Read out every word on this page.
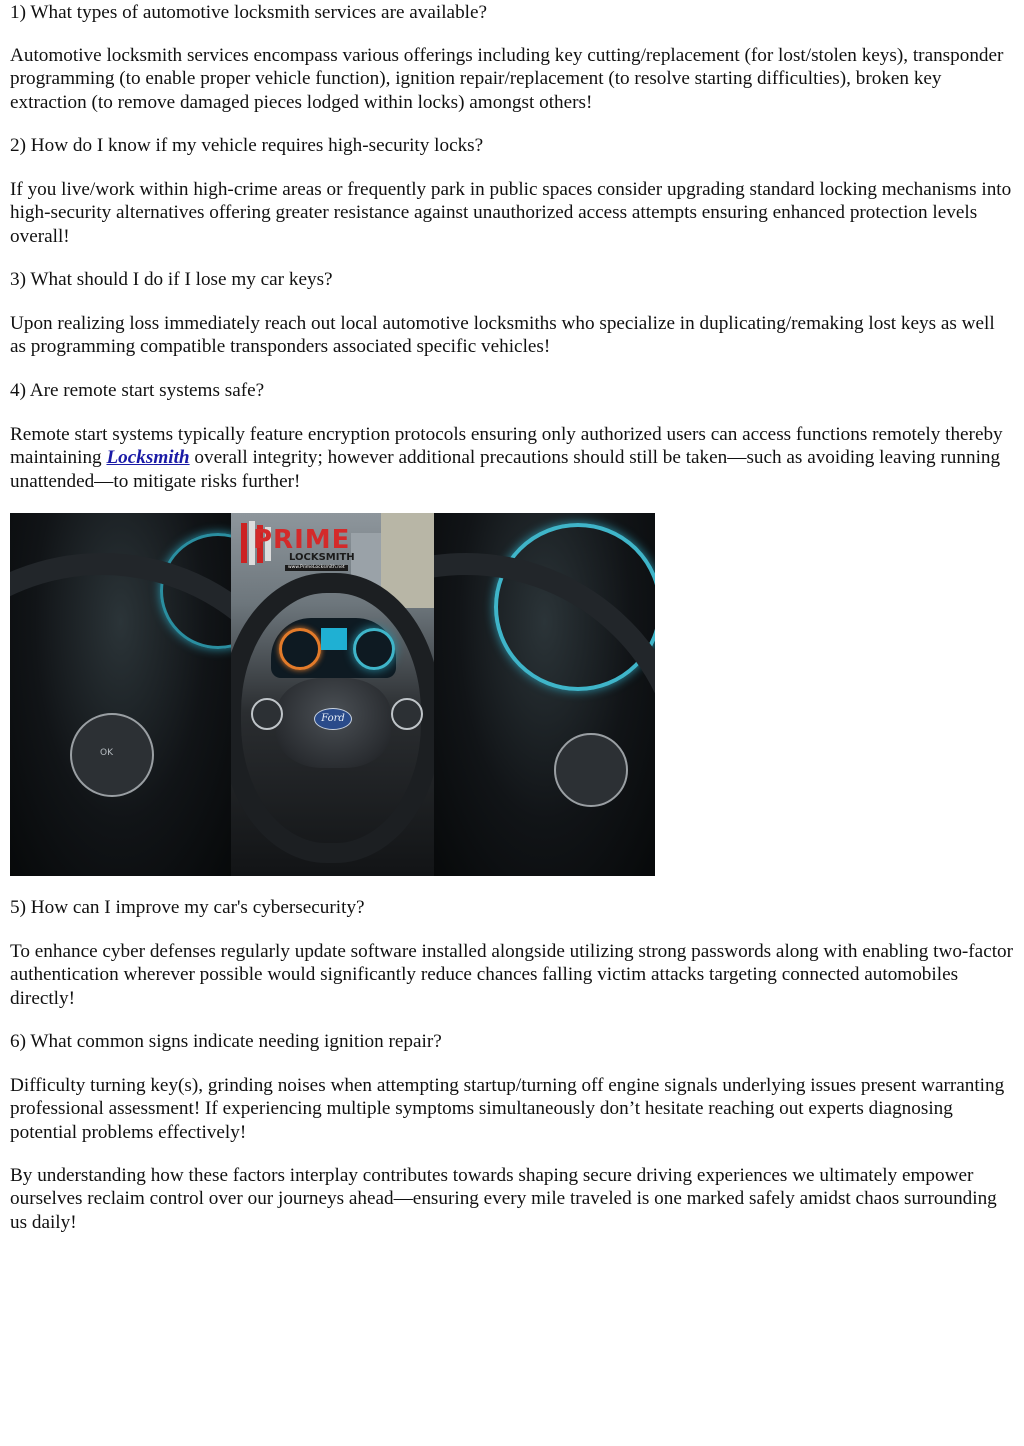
1) What types of automotive locksmith services are available?

Automotive locksmith services encompass various offerings including key cutting/replacement (for lost/stolen keys), transponder programming (to enable proper vehicle function), ignition repair/replacement (to resolve starting difficulties), broken key extraction (to remove damaged pieces lodged within locks) amongst others!

2) How do I know if my vehicle requires high-security locks?

If you live/work within high-crime areas or frequently park in public spaces consider upgrading standard locking mechanisms into high-security alternatives offering greater resistance against unauthorized access attempts ensuring enhanced protection levels overall!

3) What should I do if I lose my car keys?

Upon realizing loss immediately reach out local automotive locksmiths who specialize in duplicating/remaking lost keys as well as programming compatible transponders associated specific vehicles!

4) Are remote start systems safe?

Remote start systems typically feature encryption protocols ensuring only authorized users can access functions remotely thereby maintaining Locksmith overall integrity; however additional precautions should still be taken—such as avoiding leaving running unattended—to mitigate risks further!

OK
PRIME
LOCKSMITH
www.PrimeLocksmith.net
Ford

5) How can I improve my car's cybersecurity?

To enhance cyber defenses regularly update software installed alongside utilizing strong passwords along with enabling two-factor authentication wherever possible would significantly reduce chances falling victim attacks targeting connected automobiles directly!

6) What common signs indicate needing ignition repair?

Difficulty turning key(s), grinding noises when attempting startup/turning off engine signals underlying issues present warranting professional assessment! If experiencing multiple symptoms simultaneously don’t hesitate reaching out experts diagnosing potential problems effectively!

By understanding how these factors interplay contributes towards shaping secure driving experiences we ultimately empower ourselves reclaim control over our journeys ahead—ensuring every mile traveled is one marked safely amidst chaos surrounding us daily!
